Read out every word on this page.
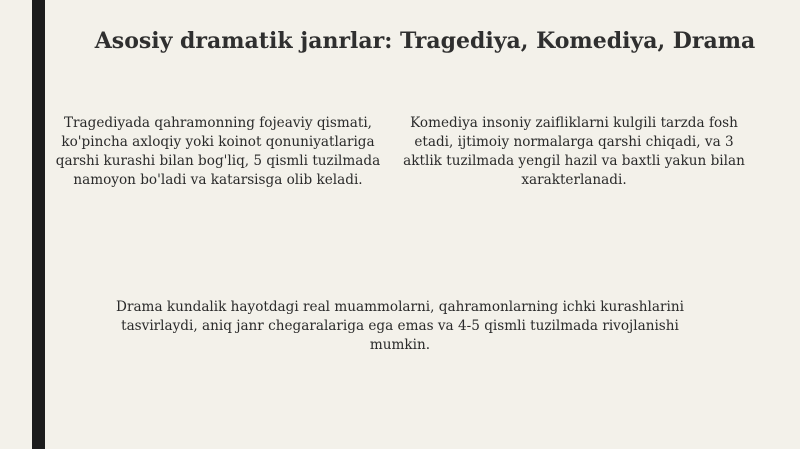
Asosiy dramatik janrlar: Tragediya, Komediya, Drama
Tragediyada qahramonning fojeaviy qismati, ko'pincha axloqiy yoki koinot qonuniyatlariga qarshi kurashi bilan bog'liq, 5 qismli tuzilmada namoyon bo'ladi va katarsisga olib keladi.
Komediya insoniy zaifliklarni kulgili tarzda fosh etadi, ijtimoiy normalarga qarshi chiqadi, va 3 aktlik tuzilmada yengil hazil va baxtli yakun bilan xarakterlanadi.
Drama kundalik hayotdagi real muammolarni, qahramonlarning ichki kurashlarini tasvirlaydi, aniq janr chegaralariga ega emas va 4-5 qismli tuzilmada rivojlanishi mumkin.
